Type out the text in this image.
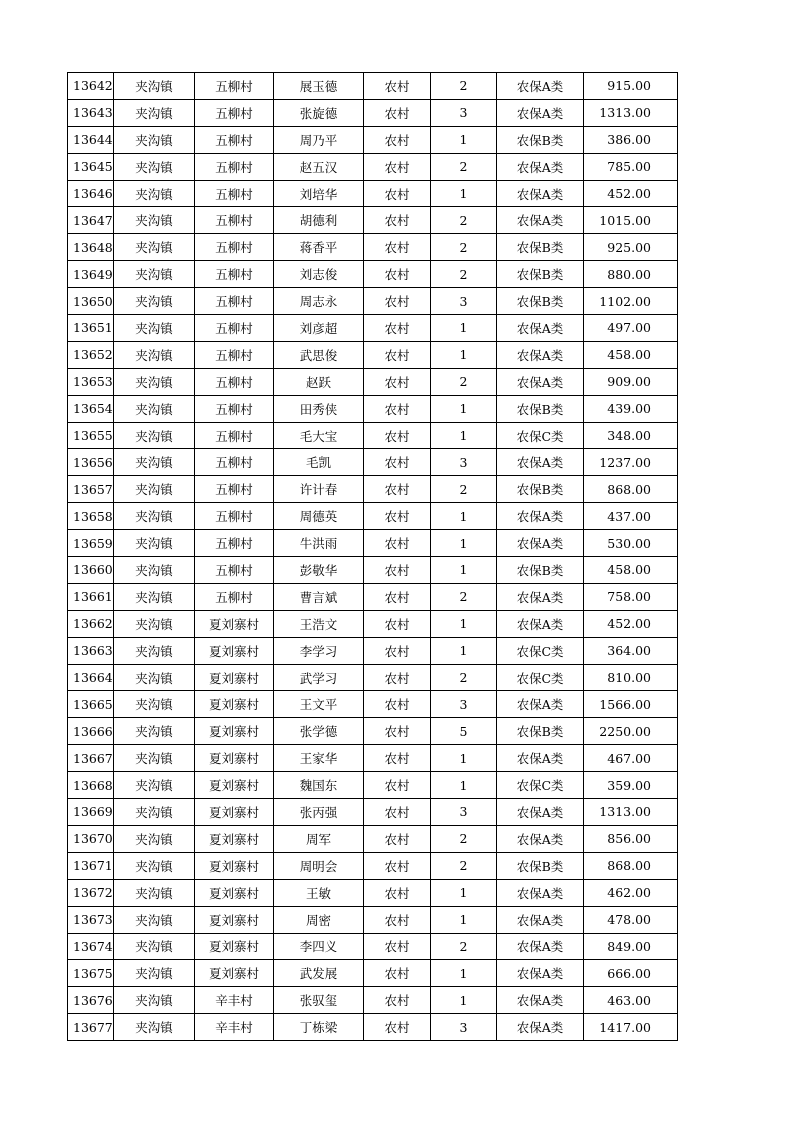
13642	夹沟镇	五柳村	展玉德	农村	2	农保A类	915.00
13643	夹沟镇	五柳村	张旋德	农村	3	农保A类	1313.00
13644	夹沟镇	五柳村	周乃平	农村	1	农保B类	386.00
13645	夹沟镇	五柳村	赵五汉	农村	2	农保A类	785.00
13646	夹沟镇	五柳村	刘培华	农村	1	农保A类	452.00
13647	夹沟镇	五柳村	胡德利	农村	2	农保A类	1015.00
13648	夹沟镇	五柳村	蒋香平	农村	2	农保B类	925.00
13649	夹沟镇	五柳村	刘志俊	农村	2	农保B类	880.00
13650	夹沟镇	五柳村	周志永	农村	3	农保B类	1102.00
13651	夹沟镇	五柳村	刘彦超	农村	1	农保A类	497.00
13652	夹沟镇	五柳村	武思俊	农村	1	农保A类	458.00
13653	夹沟镇	五柳村	赵跃	农村	2	农保A类	909.00
13654	夹沟镇	五柳村	田秀侠	农村	1	农保B类	439.00
13655	夹沟镇	五柳村	毛大宝	农村	1	农保C类	348.00
13656	夹沟镇	五柳村	毛凯	农村	3	农保A类	1237.00
13657	夹沟镇	五柳村	许计春	农村	2	农保B类	868.00
13658	夹沟镇	五柳村	周德英	农村	1	农保A类	437.00
13659	夹沟镇	五柳村	牛洪雨	农村	1	农保A类	530.00
13660	夹沟镇	五柳村	彭敬华	农村	1	农保B类	458.00
13661	夹沟镇	五柳村	曹言斌	农村	2	农保A类	758.00
13662	夹沟镇	夏刘寨村	王浩文	农村	1	农保A类	452.00
13663	夹沟镇	夏刘寨村	李学习	农村	1	农保C类	364.00
13664	夹沟镇	夏刘寨村	武学习	农村	2	农保C类	810.00
13665	夹沟镇	夏刘寨村	王文平	农村	3	农保A类	1566.00
13666	夹沟镇	夏刘寨村	张学德	农村	5	农保B类	2250.00
13667	夹沟镇	夏刘寨村	王家华	农村	1	农保A类	467.00
13668	夹沟镇	夏刘寨村	魏国东	农村	1	农保C类	359.00
13669	夹沟镇	夏刘寨村	张丙强	农村	3	农保A类	1313.00
13670	夹沟镇	夏刘寨村	周军	农村	2	农保A类	856.00
13671	夹沟镇	夏刘寨村	周明会	农村	2	农保B类	868.00
13672	夹沟镇	夏刘寨村	王敏	农村	1	农保A类	462.00
13673	夹沟镇	夏刘寨村	周密	农村	1	农保A类	478.00
13674	夹沟镇	夏刘寨村	李四义	农村	2	农保A类	849.00
13675	夹沟镇	夏刘寨村	武发展	农村	1	农保A类	666.00
13676	夹沟镇	辛丰村	张驭玺	农村	1	农保A类	463.00
13677	夹沟镇	辛丰村	丁栋梁	农村	3	农保A类	1417.00
